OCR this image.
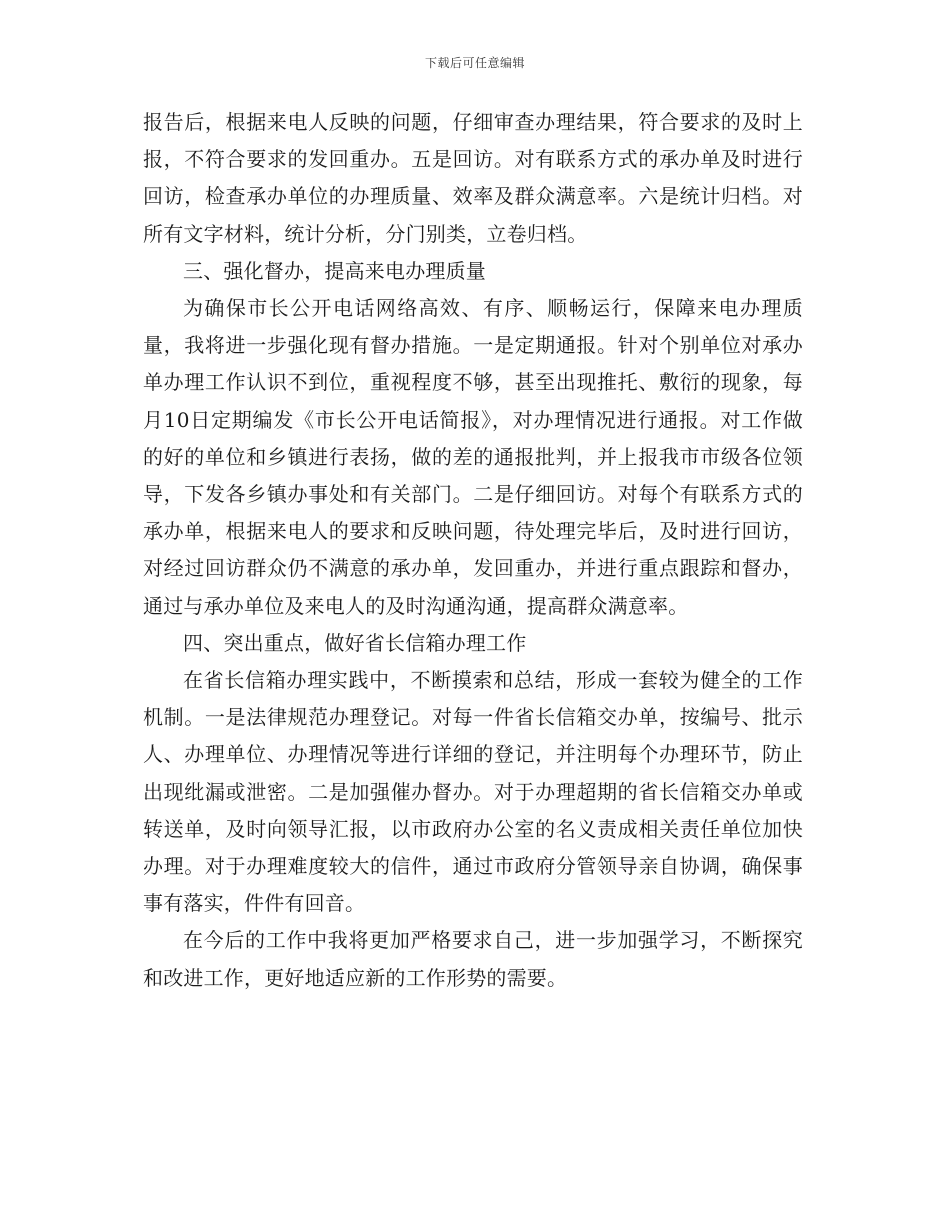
下载后可任意编辑

报告后，根据来电人反映的问题，仔细审查办理结果，符合要求的及时上报，不符合要求的发回重办。五是回访。对有联系方式的承办单及时进行回访，检查承办单位的办理质量、效率及群众满意率。六是统计归档。对所有文字材料，统计分析，分门别类，立卷归档。

三、强化督办，提高来电办理质量

为确保市长公开电话网络高效、有序、顺畅运行，保障来电办理质量，我将进一步强化现有督办措施。一是定期通报。针对个别单位对承办单办理工作认识不到位，重视程度不够，甚至出现推托、敷衍的现象，每月10日定期编发《市长公开电话简报》，对办理情况进行通报。对工作做的好的单位和乡镇进行表扬，做的差的通报批判，并上报我市市级各位领导，下发各乡镇办事处和有关部门。二是仔细回访。对每个有联系方式的承办单，根据来电人的要求和反映问题，待处理完毕后，及时进行回访，对经过回访群众仍不满意的承办单，发回重办，并进行重点跟踪和督办，通过与承办单位及来电人的及时沟通沟通，提高群众满意率。

四、突出重点，做好省长信箱办理工作

在省长信箱办理实践中，不断摸索和总结，形成一套较为健全的工作机制。一是法律规范办理登记。对每一件省长信箱交办单，按编号、批示人、办理单位、办理情况等进行详细的登记，并注明每个办理环节，防止出现纰漏或泄密。二是加强催办督办。对于办理超期的省长信箱交办单或转送单，及时向领导汇报，以市政府办公室的名义责成相关责任单位加快办理。对于办理难度较大的信件，通过市政府分管领导亲自协调，确保事事有落实，件件有回音。

在今后的工作中我将更加严格要求自己，进一步加强学习，不断探究和改进工作，更好地适应新的工作形势的需要。
